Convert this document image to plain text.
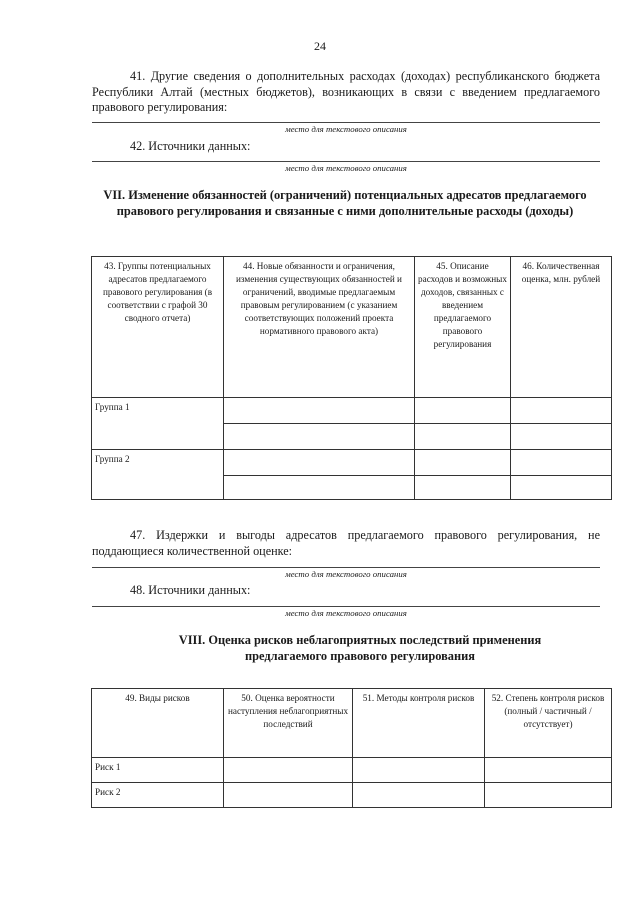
24
41. Другие сведения о дополнительных расходах (доходах) республиканского бюджета Республики Алтай (местных бюджетов), возникающих в связи с введением предлагаемого правового регулирования:
место для текстового описания
42. Источники данных:
место для текстового описания
VII. Изменение обязанностей (ограничений) потенциальных адресатов предлагаемого правового регулирования и связанные с ними дополнительные расходы (доходы)
43. Группы потенциальных адресатов предлагаемого правового регулирования (в соответствии с графой 30 сводного отчета)	44. Новые обязанности и ограничения, изменения существующих обязанностей и ограничений, вводимые предлагаемым правовым регулированием (с указанием соответствующих положений проекта нормативного правового акта)	45. Описание расходов и возможных доходов, связанных с введением предлагаемого правового регулирования	46. Количественная оценка, млн. рублей
Группа 1			

Группа 2			

47. Издержки и выгоды адресатов предлагаемого правового регулирования, не поддающиеся количественной оценке:
место для текстового описания
48. Источники данных:
место для текстового описания
VIII. Оценка рисков неблагоприятных последствий применения предлагаемого правового регулирования
49. Виды рисков	50. Оценка вероятности наступления неблагоприятных последствий	51. Методы контроля рисков	52. Степень контроля рисков (полный / частичный / отсутствует)
Риск 1			
Риск 2			
